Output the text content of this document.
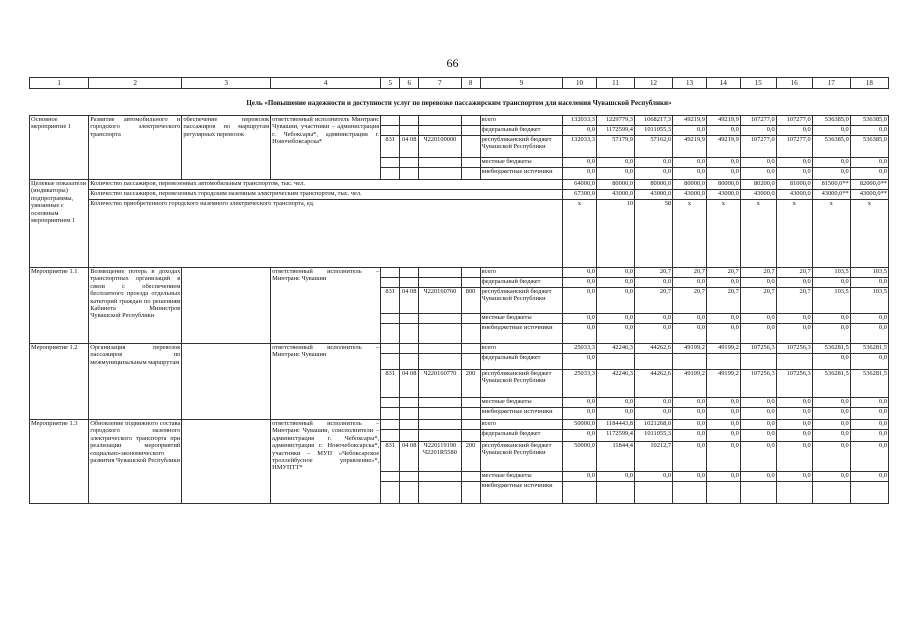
66
1	2	3	4	5	6	7	8	9	10	11	12	13	14	15	16	17	18
Цель «Повышение надежности и доступности услуг по перевозке пассажирским транспортом для населения Чувашской Республики»
Основное мероприятие 1	Развитие автомобильного и городского электрического транспорта	обеспечение перевозок пассажиров по маршрутам регулярных перевозок	ответственный исполнитель Минтранс Чувашии, участники – администрация г. Чебоксары*, администрация г. Новочебоксарска*					всего	132033,3	1229779,3	1068217,3	49219,9	49219,9	107277,0	107277,0	536385,0	536385,0
								федеральный бюджет	0,0	1172599,4	1011055,3	0,0	0,0	0,0	0,0	0,0	0,0
				831	04 08	Ч220100000		республиканский бюджет Чувашской Республики	132033,3	57179,9	57162,0	49219,9	49219,9	107277,0	107277,0	536385,0	536385,0
								местные бюджеты	0,0	0,0	0,0	0,0	0,0	0,0	0,0	0,0	0,0
								внебюджетные источники	0,0	0,0	0,0	0,0	0,0	0,0	0,0	0,0	0,0
Целевые показатели (индикаторы) подпрограммы, увязанные с основным мероприятием 1	Количество пассажиров, перевезенных автомобильным транспортом, тыс. чел.								64000,0	80000,0	80000,0	80000,0	80000,0	80200,0	81000,0	81500,0**	82000,0**
	Количество пассажиров, перевезенных городским наземным электрическим транспортом, тыс. чел.								67300,0	43000,0	43000,0	43000,0	43000,0	43000,0	43000,0	43000,0**	43000,0**
	Количество приобретенного городского наземного электрического транспорта, ед.								х	10	58	х	х	х	х	х	х
Мероприятие 1.1	Возмещение потерь в доходах транспортных организаций в связи с обеспечением бесплатного проезда отдельных категорий граждан по решениям Кабинета Министров Чувашской Республики		ответственный исполнитель – Минтранс Чувашии					всего	0,0	0,0	20,7	20,7	20,7	20,7	20,7	103,5	103,5
								федеральный бюджет	0,0	0,0	0,0	0,0	0,0	0,0	0,0	0,0	0,0
				831	04 08	Ч220160760	800	республиканский бюджет Чувашской Республики	0,0	0,0	20,7	20,7	20,7	20,7	20,7	103,5	103,5
								местные бюджеты	0,0	0,0	0,0	0,0	0,0	0,0	0,0	0,0	0,0
								внебюджетные источники	0,0	0,0	0,0	0,0	0,0	0,0	0,0	0,0	0,0
Мероприятие 1.2	Организация перевозок пассажиров по межмуниципальным маршрутам		ответственный исполнитель – Минтранс Чувашии					всего	25033,3	42246,3	44262,6	49199,2	49199,2	107256,3	107256,3	536281,5	536281,5
								федеральный бюджет	0,0							0,0	0,0
				831	04 08	Ч220160770	200	республиканский бюджет Чувашской Республики	25033,3	42246,3	44262,6	49199,2	49199,2	107256,3	107256,3	536281,5	536281,5
								местные бюджеты	0,0	0,0	0,0	0,0	0,0	0,0	0,0	0,0	0,0
								внебюджетные источники	0,0	0,0	0,0	0,0	0,0	0,0	0,0	0,0	0,0
Мероприятие 1.3	Обновление подвижного состава городского наземного электрического транспорта при реализации мероприятий социально-экономического развития Чувашской Республики		ответственный исполнитель – Минтранс Чувашии, соисполнители – администрация г. Чебоксары*, администрация г. Новочебоксарска*, участники – МУП «Чебоксарское троллейбусное управление»*, НМУПТТ*					всего	50000,0	1184443,8	1021268,0	0,0	0,0	0,0	0,0	0,0	0,0
								федеральный бюджет	0,0	1172599,4	1011055,3	0,0	0,0	0,0	0,0	0,0	0,0
				831	04 08	Ч220119190 Ч2201R5580	200	республиканский бюджет Чувашской Республики	50000,0	11844,4	10212,7	0,0	0,0	0,0	0,0	0,0	0,0
								местные бюджеты	0,0	0,0	0,0	0,0	0,0	0,0	0,0	0,0	0,0
								внебюджетные источники									
